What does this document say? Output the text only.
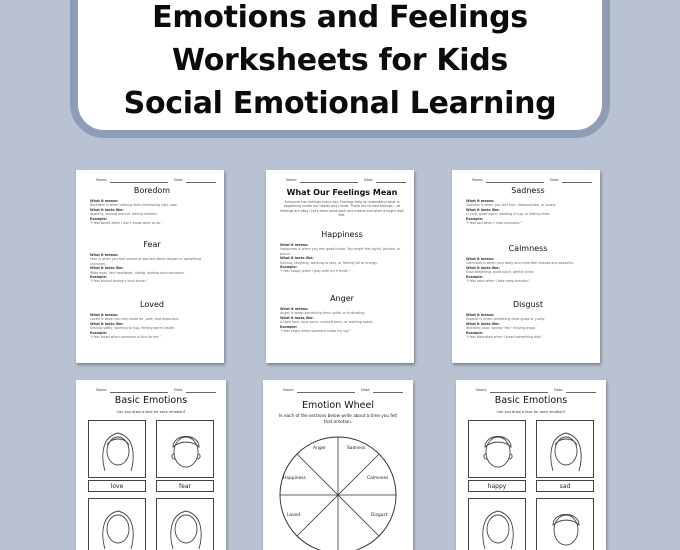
Emotions and Feelings
Worksheets for Kids
Social Emotional Learning
Name	Date
Boredom
What it means:
Boredom is when nothing feels interesting right now.
What it looks like:
Yawning, staring around, feeling restless.
Example:
"I feel bored when I don't know what to do."
Fear
What it means:
Fear is when you feel scared or worried about danger or something unknown.
What it looks like:
Wide eyes, fast heartbeat, hiding, holding onto someone.
Example:
"I feel scared during a loud storm."
Loved
What it means:
Loved is when you feel cared for, safe, and important.
What it looks like:
Smiling softly, wanting to hug, feeling warm inside.
Example:
"I feel loved when someone is kind to me."
Name	Date
What Our Feelings Mean
Everyone has feelings every day. Feelings help us understand what is happening inside our hearts and minds. There are no bad feelings – all feelings are okay! Let's learn what each one means and what it might look like.
Happiness
What it means:
Happiness is when you feel good inside. You might feel joyful, excited, or proud.
What it looks like:
Smiling, laughing, wanting to play, or feeling full of energy.
Example:
"I feel happy when I play with my friends."
Anger
What it means:
Anger is when something feels unfair or frustrating.
What it looks like:
A tight face, loud voice, crossed arms, or wanting space.
Example:
"I feel angry when someone takes my toy."
Name	Date
Sadness
What it means:
Sadness is when you feel hurt, disappointed, or lonely.
What it looks like:
Crying, quiet voice, wanting a hug, or feeling tired.
Example:
"I feel sad when I miss someone."
Calmness
What it means:
Calmness is when your body and mind feel relaxed and peaceful.
What it looks like:
Slow breathing, quiet voice, gentle smile.
Example:
"I feel calm when I take deep breaths."
Disgust
What it means:
Disgust is when something feels gross or yucky.
What it looks like:
Wrinkled nose, saying "ew," moving away.
Example:
"I feel disgusted when I smell something bad."
Name	Date
Basic Emotions
Can you draw a face for each emotion?
love	fear
Name	Date
Emotion Wheel
In each of the sections below write about a time you felt that emotion.
Anger	Sadness
Calmness
Disgust
Happiness
Loved
Name	Date
Basic Emotions
Can you draw a face for each emotion?
happy	sad
